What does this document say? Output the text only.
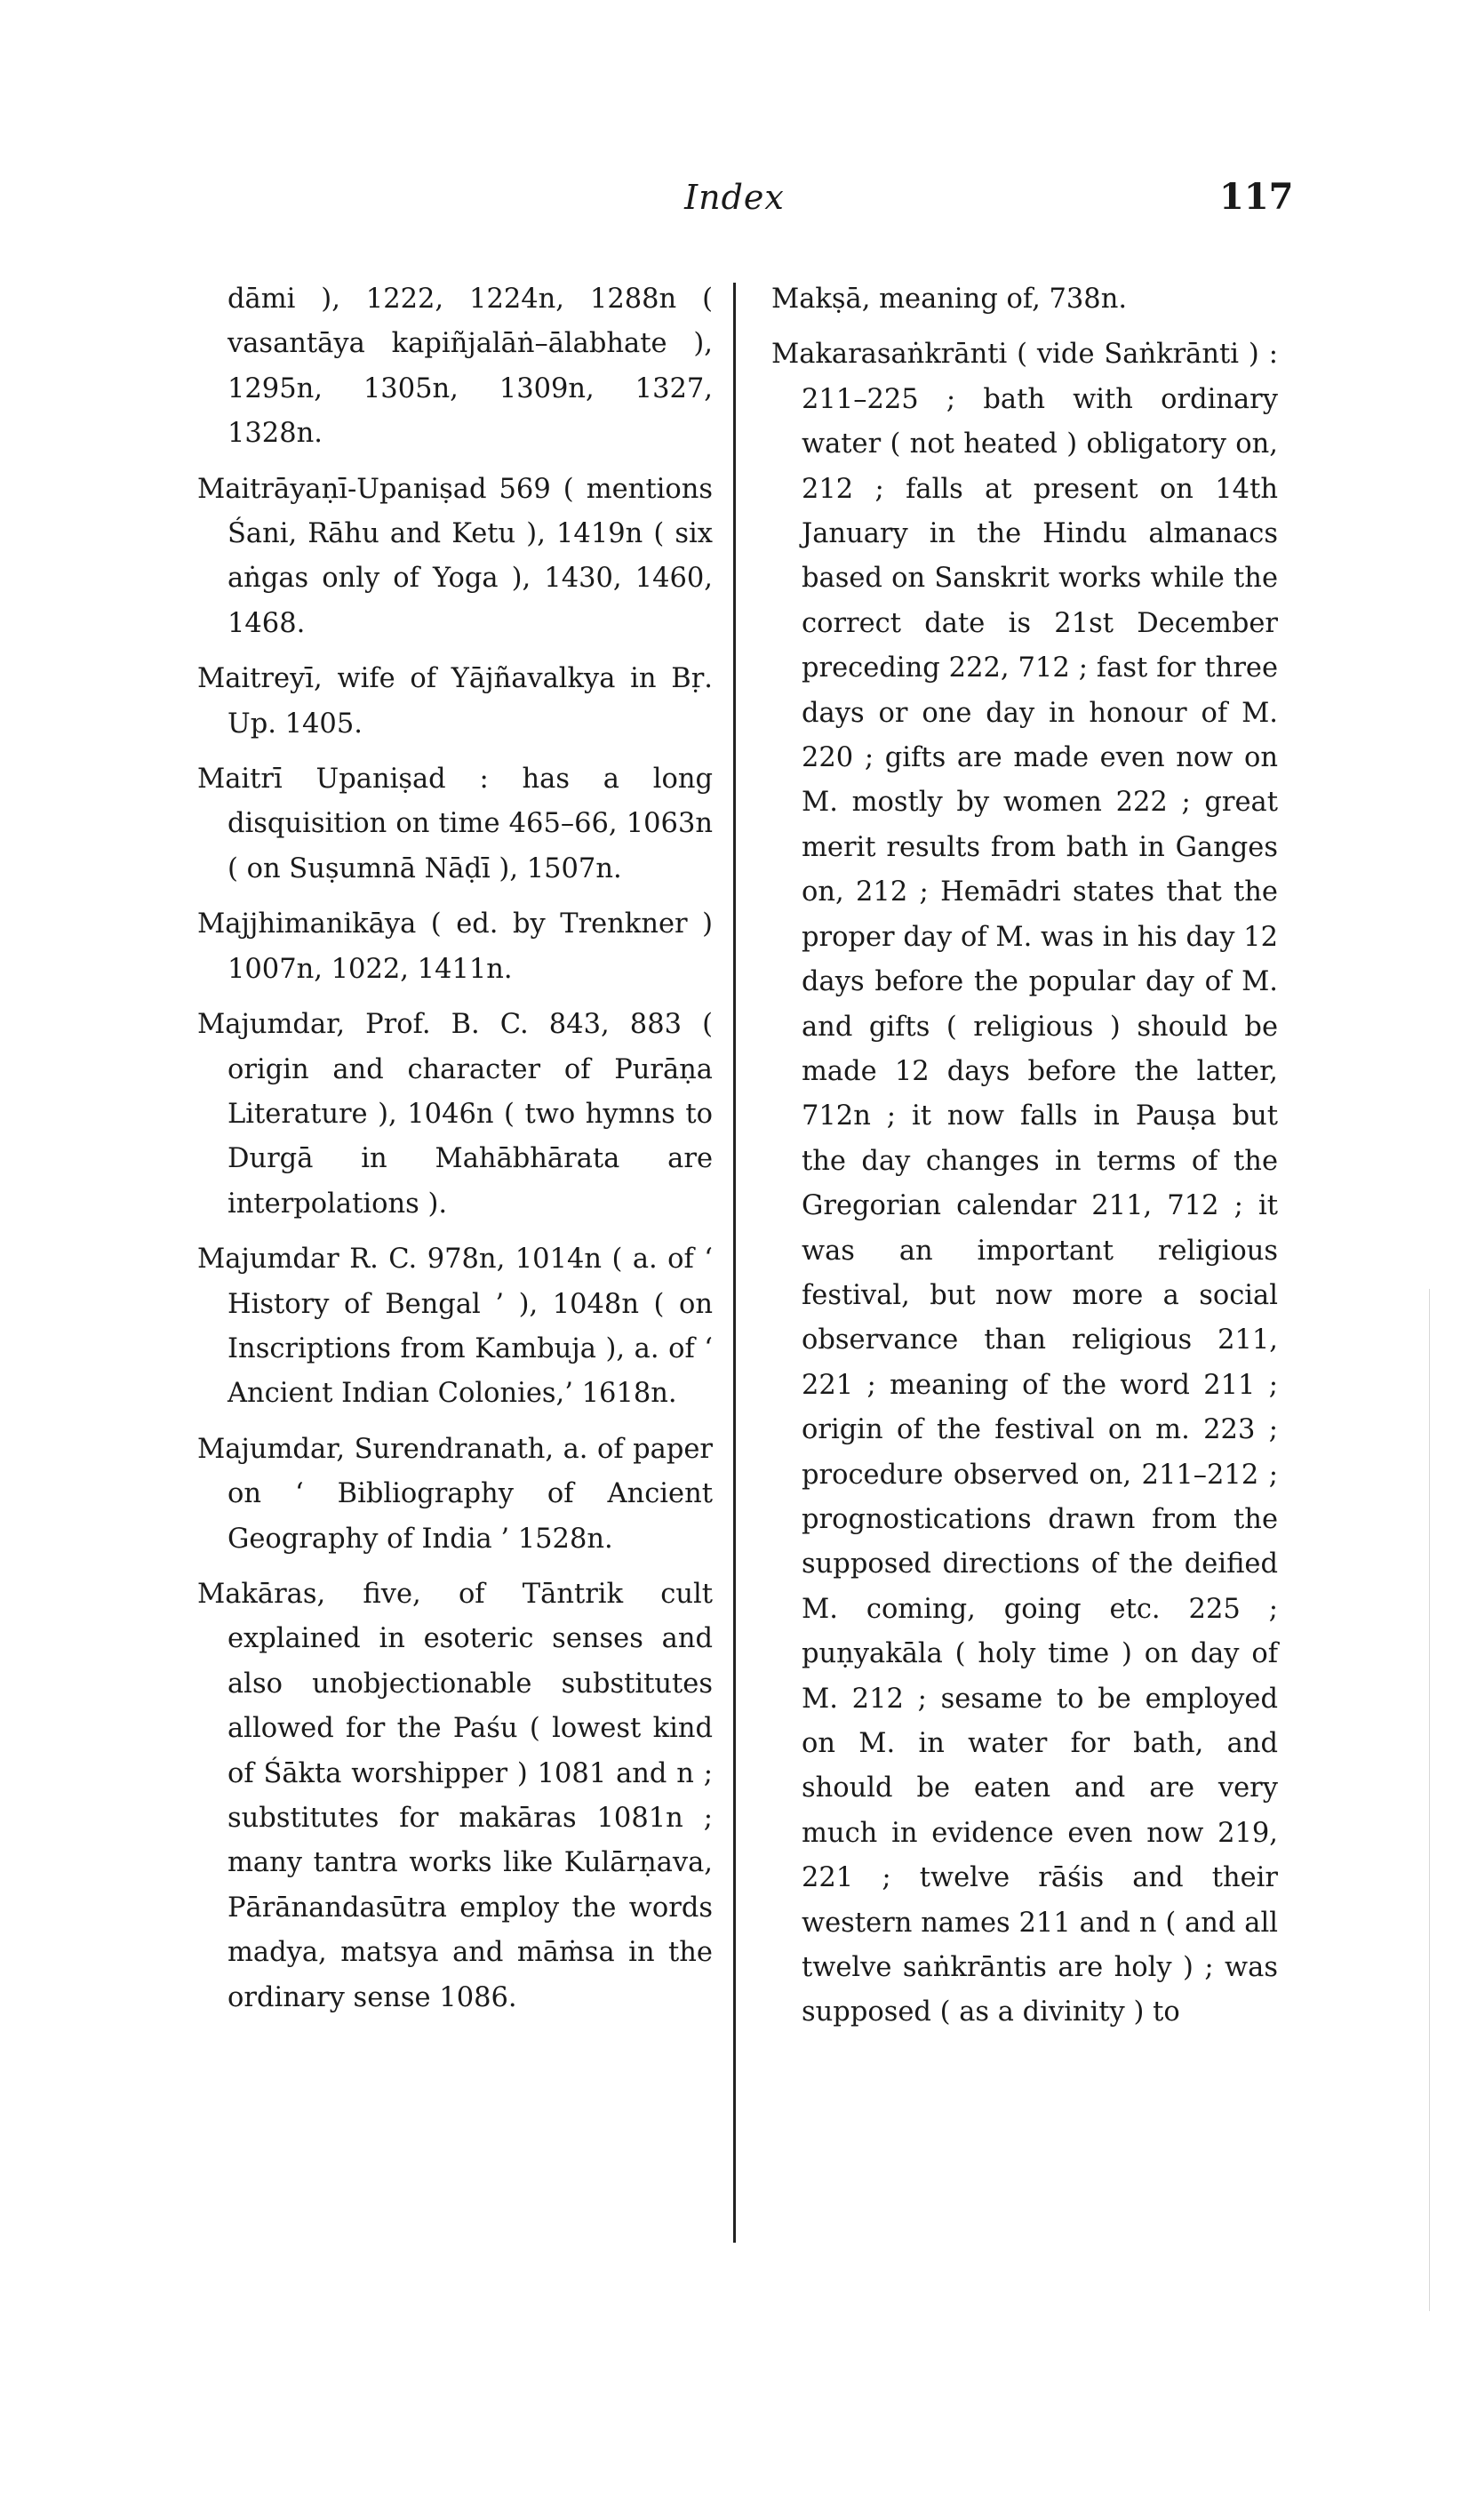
Index	117

dāmi ), 1222, 1224n, 1288n ( vasantāya kapiñjalāṅ–ālabhate ), 1295n, 1305n, 1309n, 1327, 1328n.

Maitrāyaṇī-Upaniṣad 569 ( mentions Śani, Rāhu and Ketu ), 1419n ( six aṅgas only of Yoga ), 1430, 1460, 1468.

Maitreyī, wife of Yājñavalkya in Bṛ. Up. 1405.

Maitrī Upaniṣad : has a long disquisition on time 465–66, 1063n ( on Suṣumnā Nāḍī ), 1507n.

Majjhimanikāya ( ed. by Trenkner ) 1007n, 1022, 1411n.

Majumdar, Prof. B. C. 843, 883 ( origin and character of Purāṇa Literature ), 1046n ( two hymns to Durgā in Mahābhārata are interpolations ).

Majumdar R. C. 978n, 1014n ( a. of ‘ History of Bengal ’ ), 1048n ( on Inscriptions from Kambuja ), a. of ‘ Ancient Indian Colonies,’ 1618n.

Majumdar, Surendranath, a. of paper on ‘ Bibliography of Ancient Geography of India ’ 1528n.

Makāras, five, of Tāntrik cult explained in esoteric senses and also unobjectionable substitutes allowed for the Paśu ( lowest kind of Śākta worshipper ) 1081 and n ; substitutes for makāras 1081n ; many tantra works like Kulārṇava, Pārānandasūtra employ the words madya, matsya and māṁsa in the ordinary sense 1086.

Makṣā, meaning of, 738n.

Makarasaṅkrānti ( vide Saṅkrānti ) : 211–225 ; bath with ordinary water ( not heated ) obligatory on, 212 ; falls at present on 14th January in the Hindu almanacs based on Sanskrit works while the correct date is 21st December preceding 222, 712 ; fast for three days or one day in honour of M. 220 ; gifts are made even now on M. mostly by women 222 ; great merit results from bath in Ganges on, 212 ; Hemādri states that the proper day of M. was in his day 12 days before the popular day of M. and gifts ( religious ) should be made 12 days before the latter, 712n ; it now falls in Pauṣa but the day changes in terms of the Gregorian calendar 211, 712 ; it was an important religious festival, but now more a social observance than religious 211, 221 ; meaning of the word 211 ; origin of the festival on m. 223 ; procedure observed on, 211–212 ; prognostications drawn from the supposed directions of the deified M. coming, going etc. 225 ; puṇyakāla ( holy time ) on day of M. 212 ; sesame to be employed on M. in water for bath, and should be eaten and are very much in evidence even now 219, 221 ; twelve rāśis and their western names 211 and n ( and all twelve saṅkrāntis are holy ) ; was supposed ( as a divinity ) to
